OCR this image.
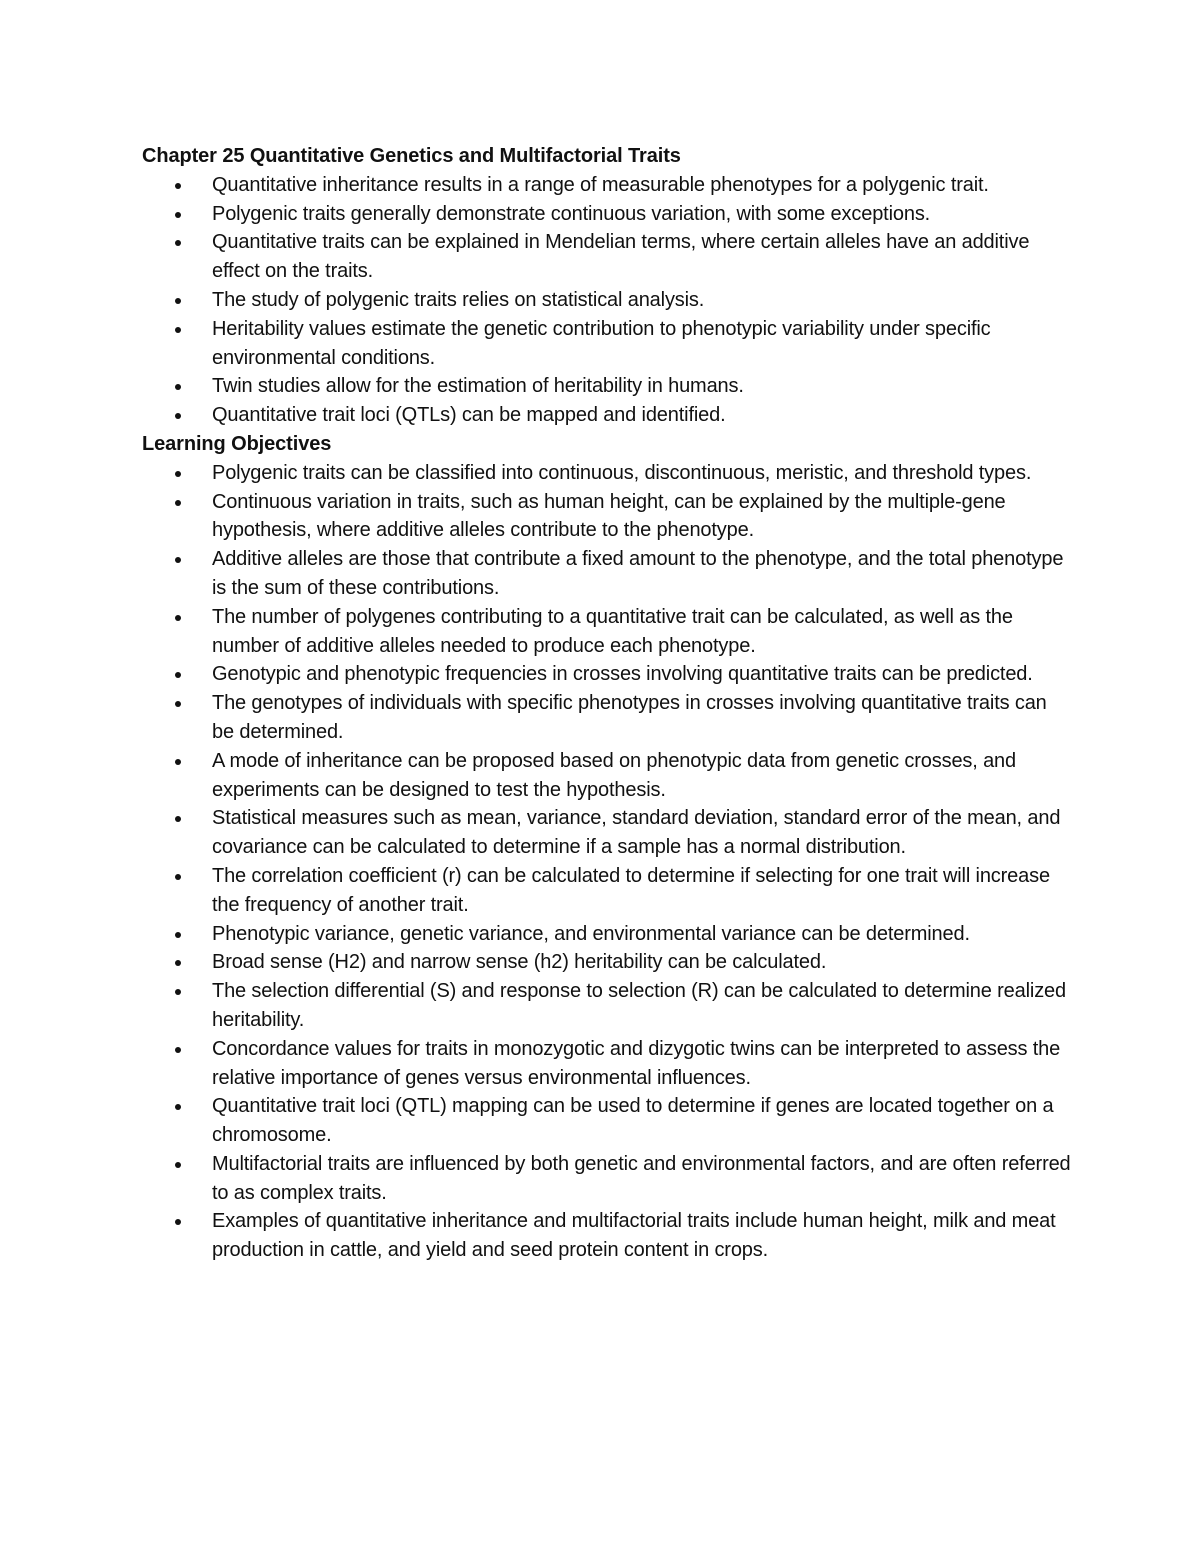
Chapter 25 Quantitative Genetics and Multifactorial Traits
Quantitative inheritance results in a range of measurable phenotypes for a polygenic trait.
Polygenic traits generally demonstrate continuous variation, with some exceptions.
Quantitative traits can be explained in Mendelian terms, where certain alleles have an additive effect on the traits.
The study of polygenic traits relies on statistical analysis.
Heritability values estimate the genetic contribution to phenotypic variability under specific environmental conditions.
Twin studies allow for the estimation of heritability in humans.
Quantitative trait loci (QTLs) can be mapped and identified.
Learning Objectives
Polygenic traits can be classified into continuous, discontinuous, meristic, and threshold types.
Continuous variation in traits, such as human height, can be explained by the multiple-gene hypothesis, where additive alleles contribute to the phenotype.
Additive alleles are those that contribute a fixed amount to the phenotype, and the total phenotype is the sum of these contributions.
The number of polygenes contributing to a quantitative trait can be calculated, as well as the number of additive alleles needed to produce each phenotype.
Genotypic and phenotypic frequencies in crosses involving quantitative traits can be predicted.
The genotypes of individuals with specific phenotypes in crosses involving quantitative traits can be determined.
A mode of inheritance can be proposed based on phenotypic data from genetic crosses, and experiments can be designed to test the hypothesis.
Statistical measures such as mean, variance, standard deviation, standard error of the mean, and covariance can be calculated to determine if a sample has a normal distribution.
The correlation coefficient (r) can be calculated to determine if selecting for one trait will increase the frequency of another trait.
Phenotypic variance, genetic variance, and environmental variance can be determined.
Broad sense (H2) and narrow sense (h2) heritability can be calculated.
The selection differential (S) and response to selection (R) can be calculated to determine realized heritability.
Concordance values for traits in monozygotic and dizygotic twins can be interpreted to assess the relative importance of genes versus environmental influences.
Quantitative trait loci (QTL) mapping can be used to determine if genes are located together on a chromosome.
Multifactorial traits are influenced by both genetic and environmental factors, and are often referred to as complex traits.
Examples of quantitative inheritance and multifactorial traits include human height, milk and meat production in cattle, and yield and seed protein content in crops.
